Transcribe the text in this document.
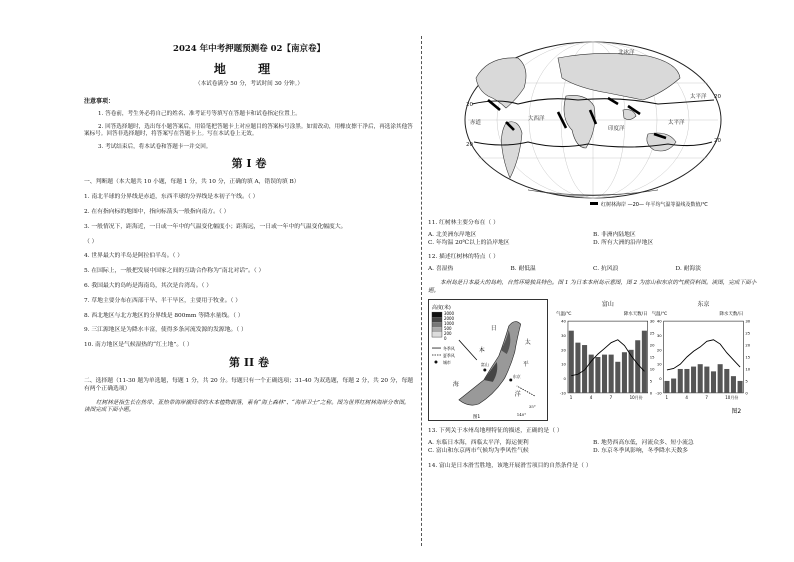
2024 年中考押题预测卷 02【南京卷】
地 理
（本试卷满分 50 分，考试时间 30 分钟。）
注意事项：
1. 答卷前，考生务必将自己的姓名、准考证号等填写在答题卡和试卷指定位置上。
2. 回答选择题时，选出每小题答案后，用铅笔把答题卡上对应题目的答案标号涂黑。如需改动，用橡皮擦干净后，再选涂其他答案标号。回答非选择题时，将答案写在答题卡上。写在本试卷上无效。
3. 考试结束后，将本试卷和答题卡一并交回。
第 I 卷
一、判断题（本大题共 10 小题，每题 1 分，共 10 分，正确的填 A，错误的填 B）
1. 南北半球的分界线是赤道，东西半球的分界线是本初子午线。（ ）
2. 在有指向标的地图中，指向标箭头一般指向南方。（ ）
3. 一般情况下，距海近，一日或一年中的气温变化幅度小；距海远，一日或一年中的气温变化幅度大。
（ ）
4. 世界最大的半岛是阿拉伯半岛。（ ）
5. 在国际上，一般把发展中国家之间的互助合作称为“南北对话”。（ ）
6. 我国最大的岛屿是海南岛，其次是台湾岛。（ ）
7. 草地主要分布在西部干旱、半干旱区，主要用于牧业。（ ）
8. 西北地区与北方地区的分界线是 800mm 等降水量线。（ ）
9. 三江源地区是为降水丰富，使得多条河流发源的发源地。（ ）
10. 南方地区是气候湿热的“红土地”。（ ）
第 II 卷
二、选择题（11-30 题为单选题，每题 1 分，共 20 分。每题只有一个正确选项；31-40 为双选题，每题 2 分，共 20 分，每题有两个正确选项）
红树林是指生长在热带、亚热带海岸潮间带的木本植物群落，素有“海上森林”、“海岸卫士”之称。图为世界红树林海岸分布图。读图完成下面小题。
北冰洋
太平洋
大西洋
印度洋
太平洋
赤道
20
20
20
20
红树林海岸 —20— 年平均气温等温线及数值/℃
11. 红树林主要分布在（ ）
A. 北美洲东岸地区	B. 非洲内陆地区
C. 年均温 20℃以上的沿岸地区	D. 所有大洲的沿岸地区
12. 描述红树林的特点（ ）
A. 喜湿热	B. 耐低温	C. 抗风浪	D. 耐海淡
本州岛是日本最大的岛屿，自然环境独具特色。图 1 为日本本州岛示意图，图 2 为富山和东京的气候资料图。读图，完成下面小题。
高度(米)
3000
2000
1000
500
200
0
冬季风
夏季风
城市
日
本
海
东京
富山
太
平
洋
35°
140°
图1
图2
富山
气温/℃	降水天数/日
40
30
20
10
0
-10
30
25
20
15
10
5
0
1	4	7	10月份
东京
气温/℃	降水天数/日
40
30
20
10
0
-10
30
25
20
15
10
5
0
1	4	7	10月份
13. 下列关于本州岛地理特征的描述，正确的是（ ）
A. 东临日本海，西临太平洋，海运便利	B. 地势西高东低，河流众多、短小流急
C. 富山和东京两市气候均为季风性气候	D. 东京冬季风影响，冬季降水天数多
14. 富山是日本滑雪胜地，该地开展滑雪项目的自然条件是（ ）
